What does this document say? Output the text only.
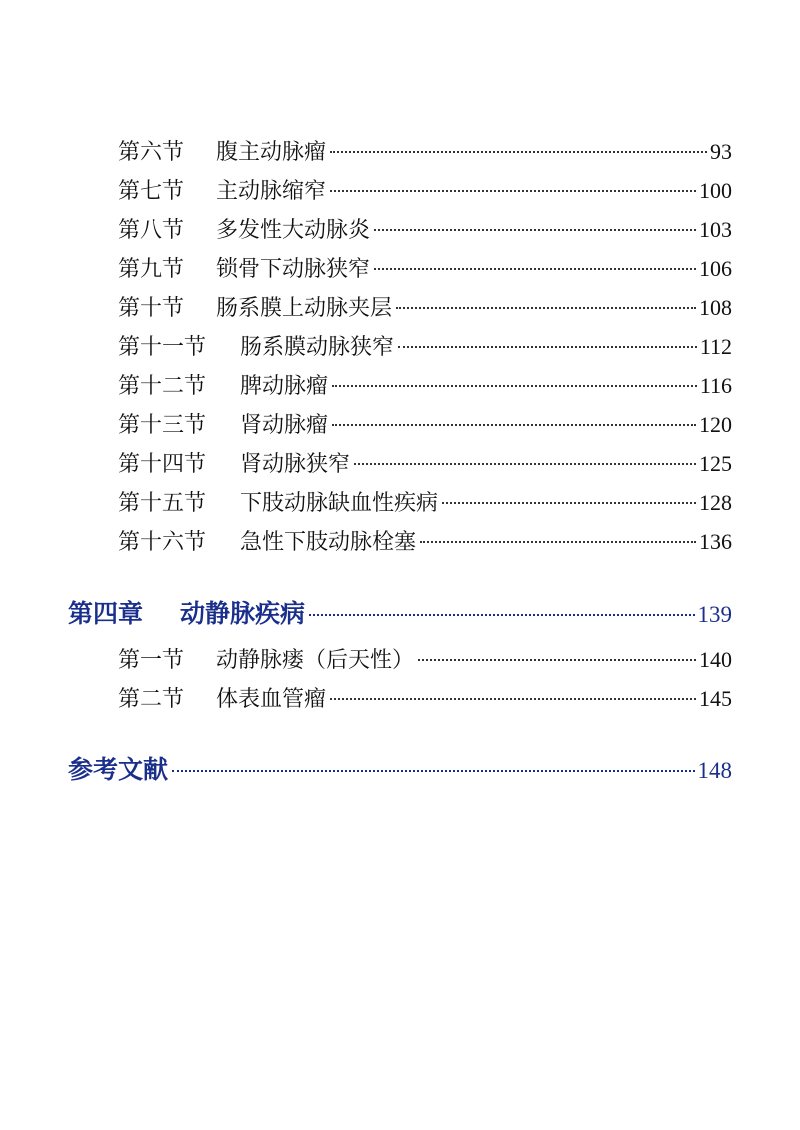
第六节	腹主动脉瘤	93
第七节	主动脉缩窄	100
第八节	多发性大动脉炎	103
第九节	锁骨下动脉狭窄	106
第十节	肠系膜上动脉夹层	108
第十一节	肠系膜动脉狭窄	112
第十二节	脾动脉瘤	116
第十三节	肾动脉瘤	120
第十四节	肾动脉狭窄	125
第十五节	下肢动脉缺血性疾病	128
第十六节	急性下肢动脉栓塞	136
第四章	动静脉疾病	139
第一节	动静脉瘘（后天性）	140
第二节	体表血管瘤	145
参考文献	148
